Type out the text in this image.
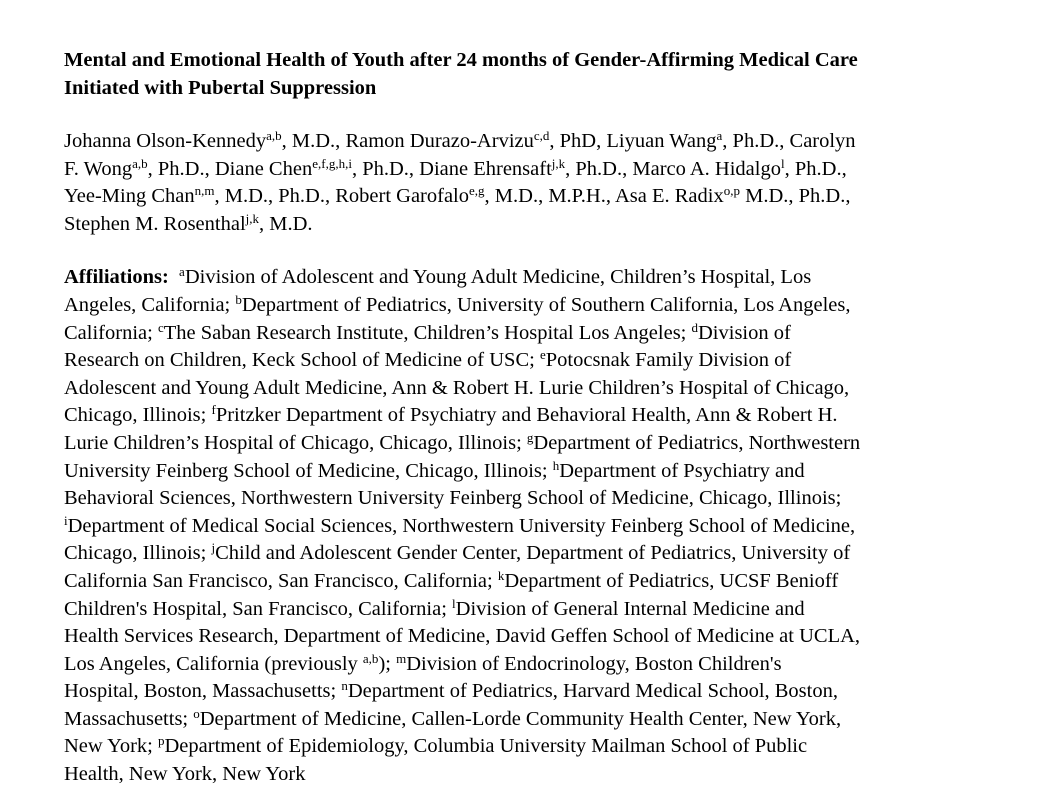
Mental and Emotional Health of Youth after 24 months of Gender-Affirming Medical Care
Initiated with Pubertal Suppression

Johanna Olson-Kennedy$^{a,b}$, M.D., Ramon Durazo-Arvizu$^{c,d}$, PhD, Liyuan Wang$^a$, Ph.D., Carolyn
F. Wong$^{a,b}$, Ph.D., Diane Chen$^{e,f,g,h,i}$, Ph.D., Diane Ehrensaft$^{j,k}$, Ph.D., Marco A. Hidalgo$^l$, Ph.D.,
Yee-Ming Chan$^{n,m}$, M.D., Ph.D., Robert Garofalo$^{e,g}$, M.D., M.P.H., Asa E. Radix$^{o,p}$ M.D., Ph.D.,
Stephen M. Rosenthal$^{j,k}$, M.D.

Affiliations: $^a$Division of Adolescent and Young Adult Medicine, Children’s Hospital, Los
Angeles, California; $^b$Department of Pediatrics, University of Southern California, Los Angeles,
California; $^c$The Saban Research Institute, Children’s Hospital Los Angeles; $^d$Division of
Research on Children, Keck School of Medicine of USC; $^e$Potocsnak Family Division of
Adolescent and Young Adult Medicine, Ann & Robert H. Lurie Children’s Hospital of Chicago,
Chicago, Illinois; $^f$Pritzker Department of Psychiatry and Behavioral Health, Ann & Robert H.
Lurie Children’s Hospital of Chicago, Chicago, Illinois; $^g$Department of Pediatrics, Northwestern
University Feinberg School of Medicine, Chicago, Illinois; $^h$Department of Psychiatry and
Behavioral Sciences, Northwestern University Feinberg School of Medicine, Chicago, Illinois;
$^i$Department of Medical Social Sciences, Northwestern University Feinberg School of Medicine,
Chicago, Illinois; $^j$Child and Adolescent Gender Center, Department of Pediatrics, University of
California San Francisco, San Francisco, California; $^k$Department of Pediatrics, UCSF Benioff
Children's Hospital, San Francisco, California; $^l$Division of General Internal Medicine and
Health Services Research, Department of Medicine, David Geffen School of Medicine at UCLA,
Los Angeles, California (previously $^{a,b}$); $^m$Division of Endocrinology, Boston Children's
Hospital, Boston, Massachusetts; $^n$Department of Pediatrics, Harvard Medical School, Boston,
Massachusetts; $^o$Department of Medicine, Callen-Lorde Community Health Center, New York,
New York; $^p$Department of Epidemiology, Columbia University Mailman School of Public
Health, New York, New York
